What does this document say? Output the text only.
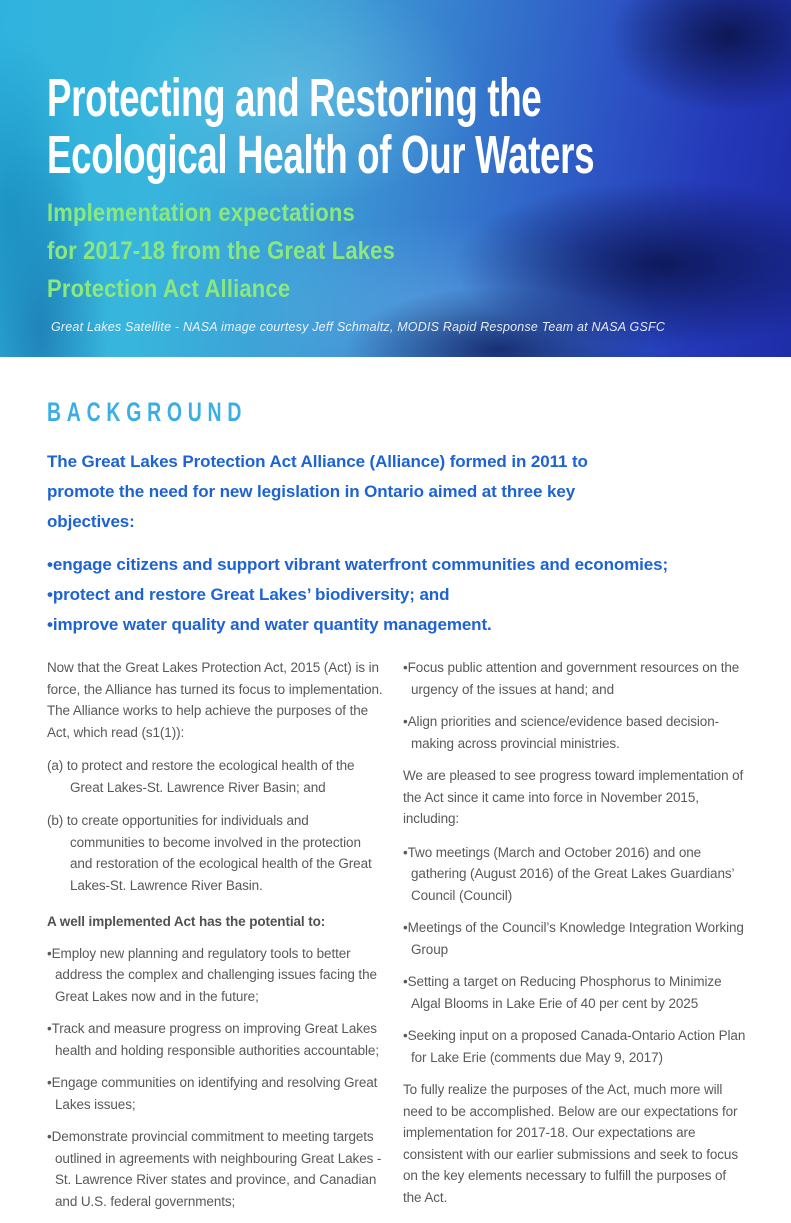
Protecting and Restoring the
Ecological Health of Our Waters
Implementation expectations
for 2017-18 from the Great Lakes
Protection Act Alliance
Great Lakes Satellite - NASA image courtesy Jeff Schmaltz, MODIS Rapid Response Team at NASA GSFC
BACKGROUND
The Great Lakes Protection Act Alliance (Alliance) formed in 2011 to promote the need for new legislation in Ontario aimed at three key objectives:
• engage citizens and support vibrant waterfront communities and economies;
• protect and restore Great Lakes’ biodiversity; and
• improve water quality and water quantity management.
Now that the Great Lakes Protection Act, 2015 (Act) is in force, the Alliance has turned its focus to implementation. The Alliance works to help achieve the purposes of the Act, which read (s1(1)):
(a) to protect and restore the ecological health of the Great Lakes-St. Lawrence River Basin; and
(b) to create opportunities for individuals and communities to become involved in the protection and restoration of the ecological health of the Great Lakes-St. Lawrence River Basin.
A well implemented Act has the potential to:
• Employ new planning and regulatory tools to better address the complex and challenging issues facing the Great Lakes now and in the future;
• Track and measure progress on improving Great Lakes health and holding responsible authorities accountable;
• Engage communities on identifying and resolving Great Lakes issues;
• Demonstrate provincial commitment to meeting targets outlined in agreements with neighbouring Great Lakes - St. Lawrence River states and province, and Canadian and U.S. federal governments;
• Focus public attention and government resources on the urgency of the issues at hand; and
• Align priorities and science/evidence based decision-making across provincial ministries.
We are pleased to see progress toward implementation of the Act since it came into force in November 2015, including:
• Two meetings (March and October 2016) and one gathering (August 2016) of the Great Lakes Guardians’ Council (Council)
• Meetings of the Council’s Knowledge Integration Working Group
• Setting a target on Reducing Phosphorus to Minimize Algal Blooms in Lake Erie of 40 per cent by 2025
• Seeking input on a proposed Canada-Ontario Action Plan for Lake Erie (comments due May 9, 2017)
To fully realize the purposes of the Act, much more will need to be accomplished. Below are our expectations for implementation for 2017-18. Our expectations are consistent with our earlier submissions and seek to focus on the key elements necessary to fulfill the purposes of the Act.
